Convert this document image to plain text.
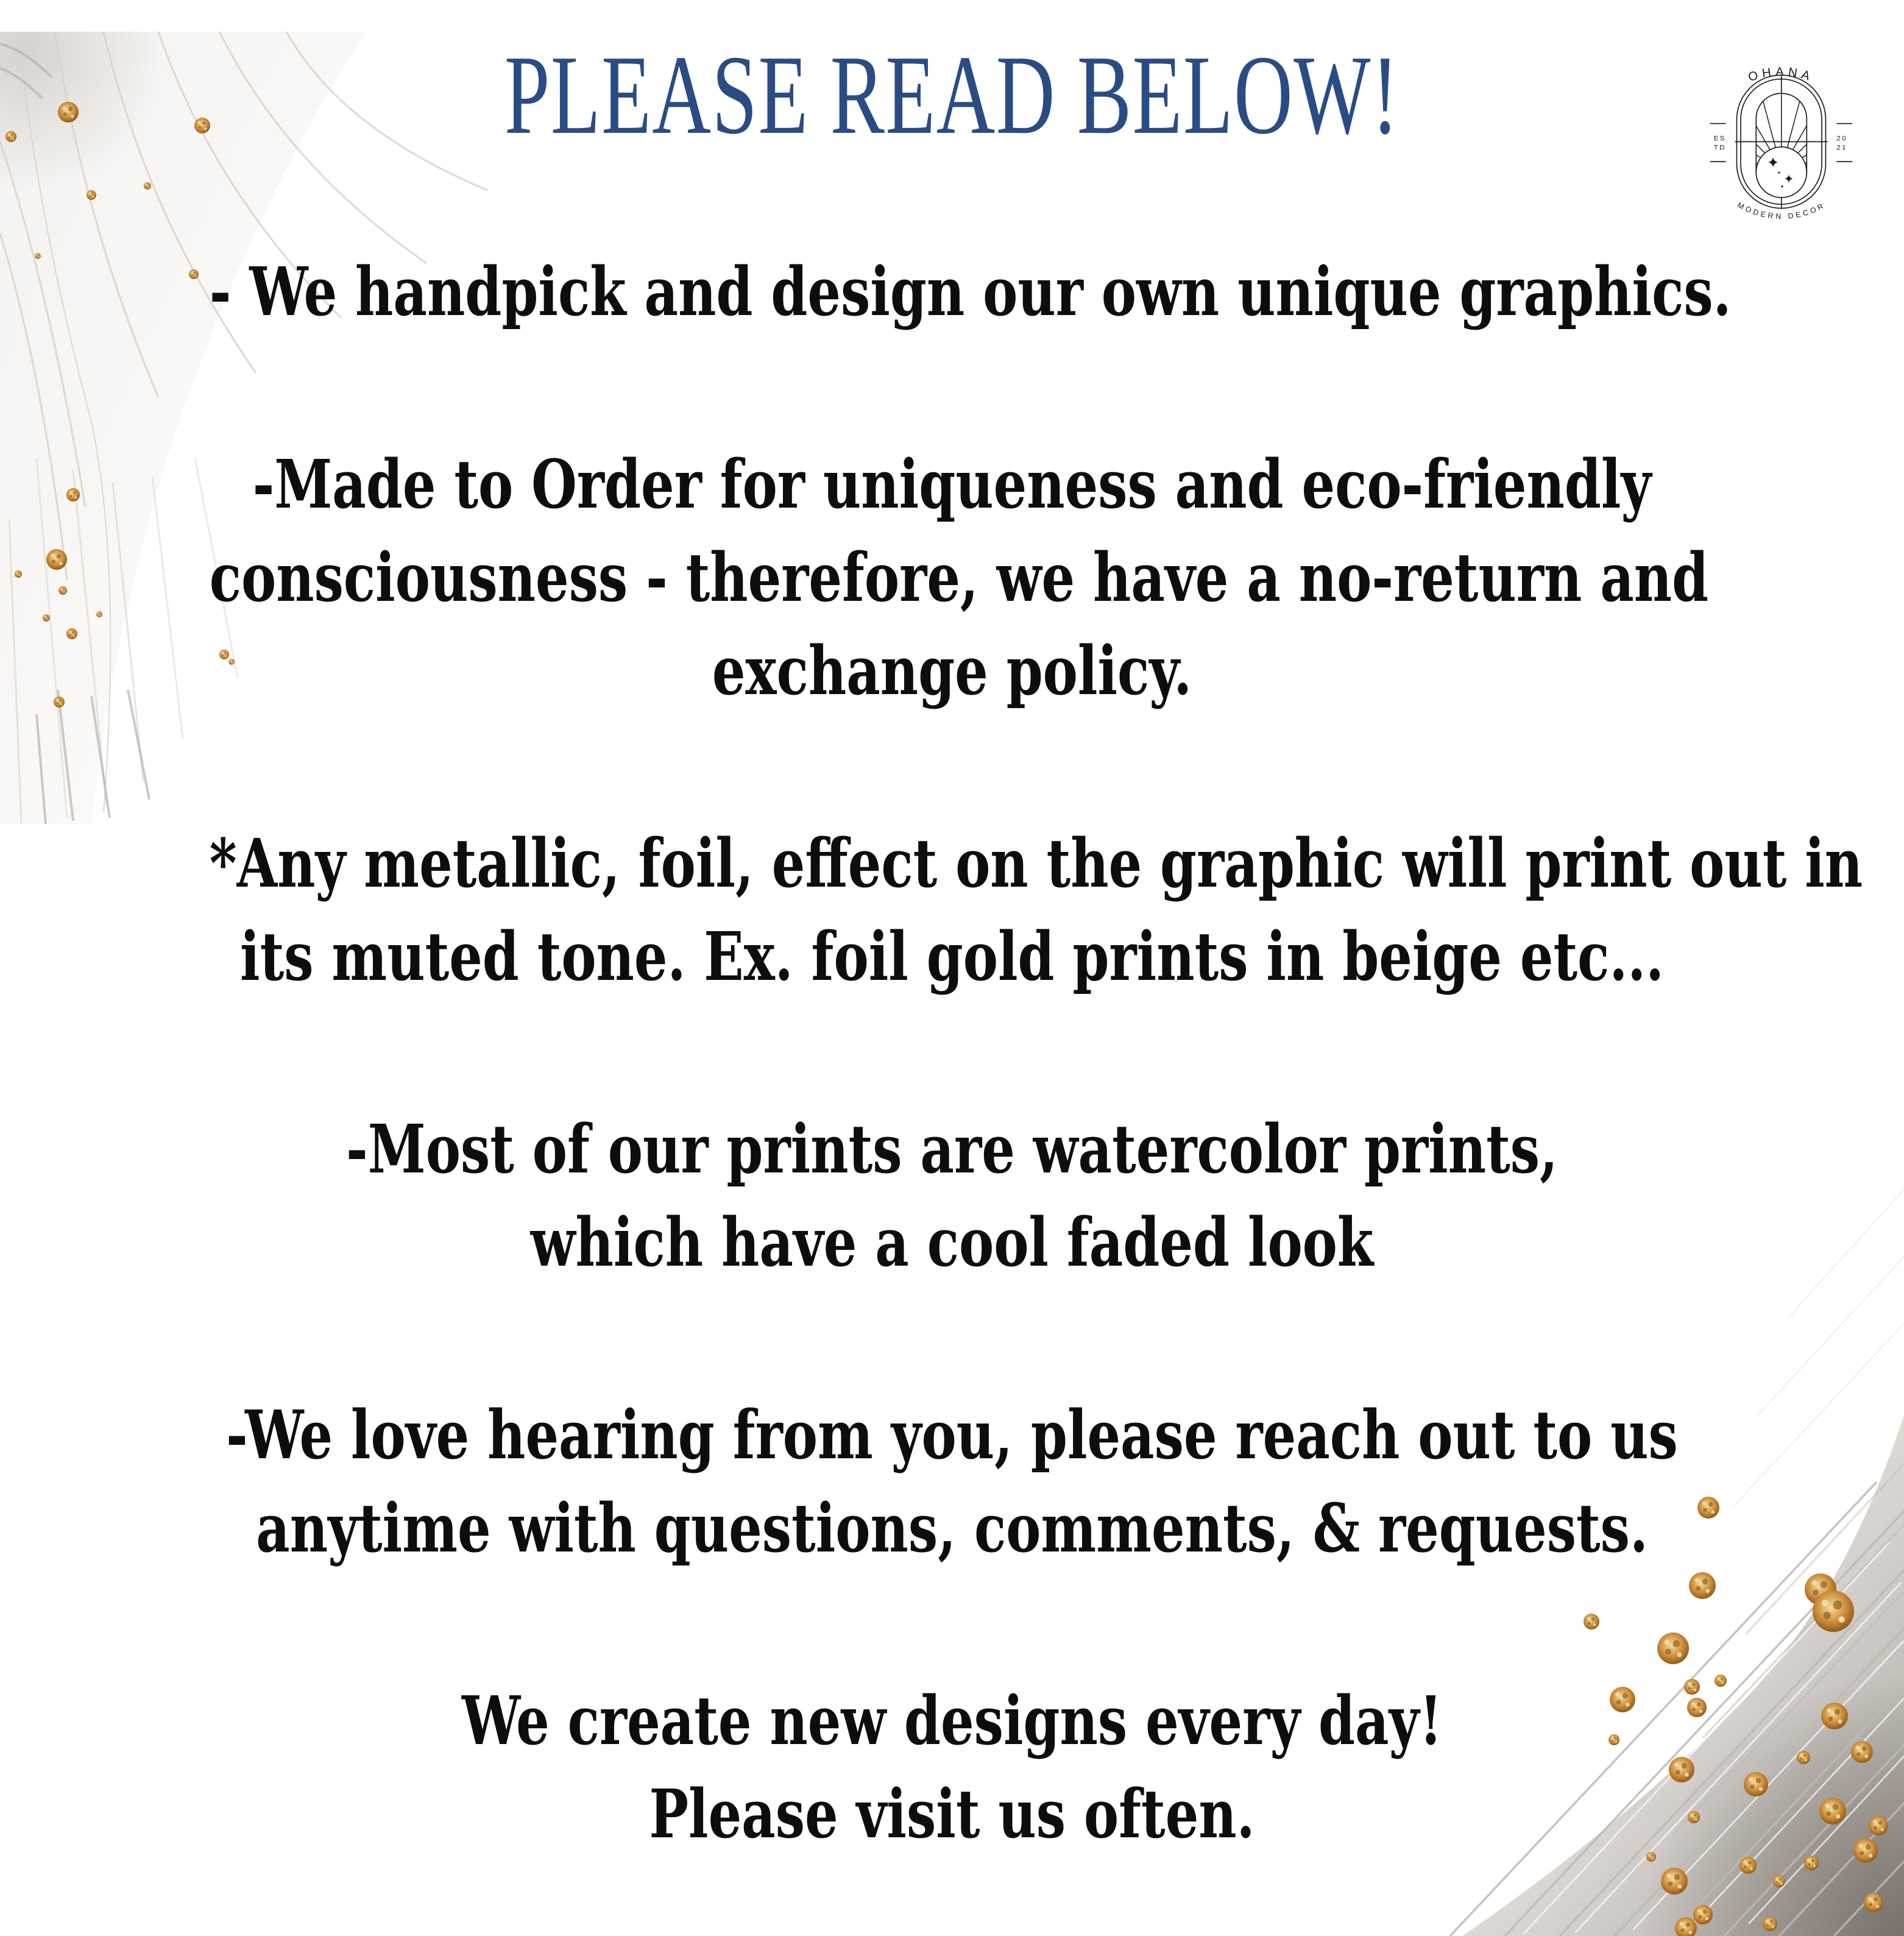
OHANA
MODERN DECOR
ES
TD
20
21
PLEASE READ BELOW!

- We handpick and design our own unique graphics.

-Made to Order for uniqueness and eco-friendly
consciousness - therefore, we have a no-return and
exchange policy.

*Any metallic, foil, effect on the graphic will print out in
its muted tone. Ex. foil gold prints in beige etc...

-Most of our prints are watercolor prints,
which have a cool faded look

-We love hearing from you, please reach out to us
anytime with questions, comments, & requests.

We create new designs every day!
Please visit us often.
